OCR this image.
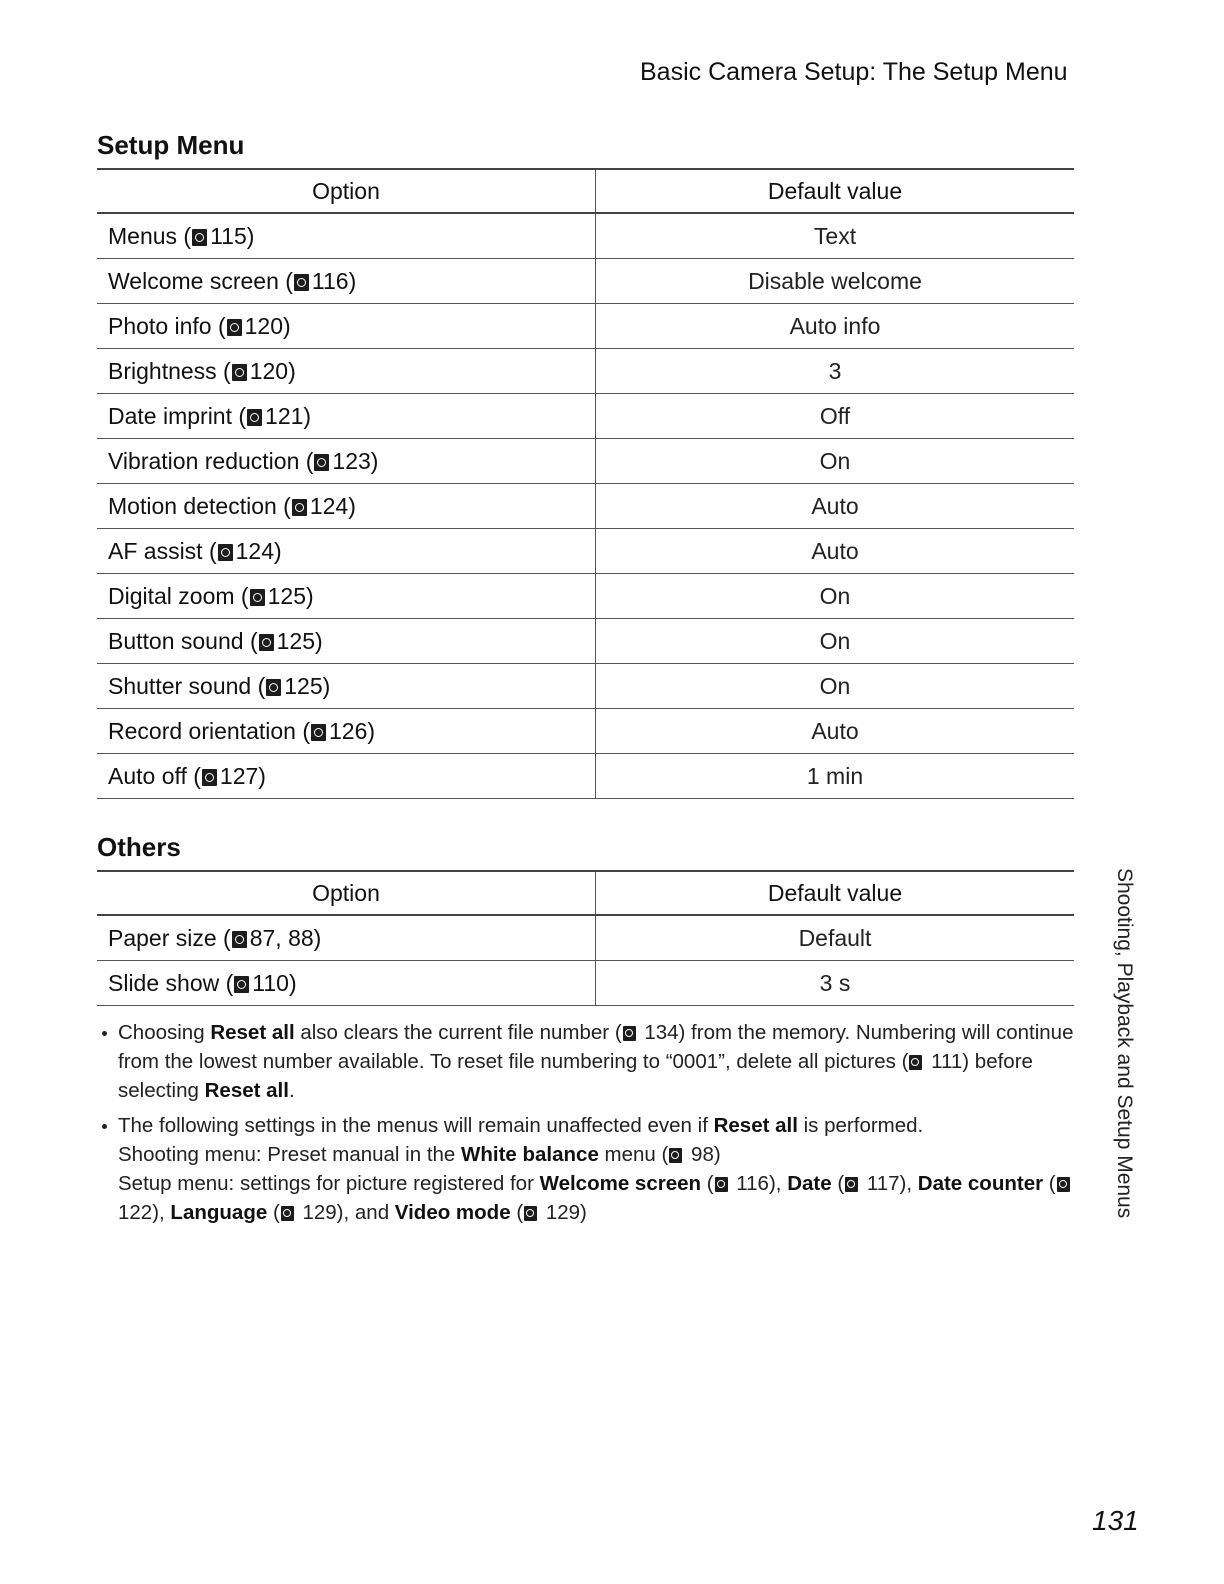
Basic Camera Setup: The Setup Menu
Setup Menu
Option	Default value
Menus ( 115)	Text
Welcome screen ( 116)	Disable welcome
Photo info ( 120)	Auto info
Brightness ( 120)	3
Date imprint ( 121)	Off
Vibration reduction ( 123)	On
Motion detection ( 124)	Auto
AF assist ( 124)	Auto
Digital zoom ( 125)	On
Button sound ( 125)	On
Shutter sound ( 125)	On
Record orientation ( 126)	Auto
Auto off ( 127)	1 min
Others
Option	Default value
Paper size ( 87, 88)	Default
Slide show ( 110)	3 s
Choosing Reset all also clears the current file number ( 134) from the memory. Numbering will continue from the lowest number available. To reset file numbering to “0001”, delete all pictures ( 111) before selecting Reset all.
The following settings in the menus will remain unaffected even if Reset all is performed.
Shooting menu: Preset manual in the White balance menu ( 98)
Setup menu: settings for picture registered for Welcome screen ( 116), Date ( 117), Date counter ( 122), Language ( 129), and Video mode ( 129)	Shooting, Playback and Setup Menus
131
